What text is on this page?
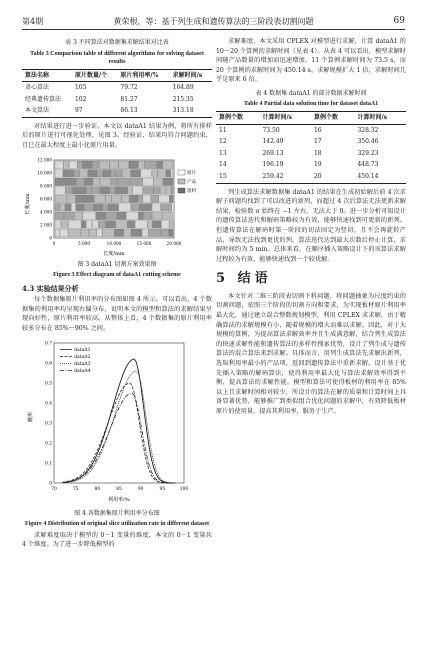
第4期	黄荣根，等：基于列生成和遗传算法的三阶段表切割问题	69
表 3 不同算法对数据集求解结果对比表
Table 3 Comparison table of different algorithms for solving dataset results
算法名称	原片数量/个	原片利用率/%	求解时间/s
贪心算法	105	79.72	164.89
经典遗传算法	102	81.27	215.35
本文算法	97	86.13	313.18

对结果进行进一步验证，本文以 dataA1 结果为例，将所有排样后的原片进行可视化处理，见图 3。经验证，结果均符合问题约束，且已在最大程度上最小化原片用量。

长度/mm
12 000
10 000
8 000
6 000
4 000
2 000
0
0	5 000	10 000	15 000	20 000
长度/mm
原片
产品
废料
图 3 dataA1 切割方案效果图
Figure 3 Effect diagram of dataA1 cutting scheme
4.3 实验结果分析

每个数据集原片利用率的分布图如图 4 所示。可以看出，4 个数据集的利用率均呈现右偏分布，说明本文的模型和算法的求解结果呈现向好性，原片利用率较高。从整体上看，4 个数据集的原片利用率较多分布在 85%～90% 之间。

概率
0.7
0.6
0.5
0.4
0.3
0.2
0.1
0
70	75	80	85	90	95	100
dataA1
dataA2
dataA3
dataA4
利用率/%
图 4 各数据集原片利用率分布图
Figure 4 Distribution of original slice utilization rate in different dataset

求解难度取决于模型的 0－1 变量的维度，本文的 0－1 变量共 4 个维度。为了进一步降低模型的

求解难度，本文采用 CPLEX 对模型进行求解，计算 dataA1 的 10～20 个算例的求解时间（见表 4）。从表 4 可以看出，模型求解时间随产品数量的增加而迅速增加。11 个算例求解时间为 73.5 s，而 20 个算例的求解时间为 450.14 s。求解规模扩大 1 倍，求解时间几乎是原来 6 倍。

表 4 数据集 dataA1 的部分数据求解时间
Table 4 Partial data solution time for dataset dataA1
算例个数	计算时间/s	算例个数	计算时间/s
11	73.50	16	328.32
12	142.49	17	350.46
13	269.13	18	329.23
14	196.19	19	448.73
15	259.42	20	450.14

列生成算法求解数据集 dataA1 的结果在生成初始解后前 4 次求解子问题均找到了可以改进的新列，而超过 4 次后算法无法更新求解结果，检验数 σ 始终在 −1 左右，无法大于 0。进一步分析可知设计的遗传算法迭代和解码策略较为有效，能够快速找到可更新的新列。但遗传算法在解码时第一阶段的切法固定为竖切，且不会再旋转产品，导致无法找到更优的列。算法迭代达到最大次数后停止计算，求解时间约为 5 min。总体来看，在顺序插入策略设计下的该算法求解过程较为有效，能够快速找到一个较优解。

5 结语

本文针对二维三阶段表切割下料问题，将问题抽象为尺度约束的切割问题，依照三个阶段的切割方向和要求，为实现板材原片利用率最大化，通过建立混合整数规划模型，利用 CPLEX 求求解，由于精确算法的求解规模有小，随着规模的增大而难以求解。因此，对于大规模的算例，为提高算法求解效率并且生成满意解，结合列生成算法的快速求解性能和遗传算法的多样性搜索优势，设计了列生成与遗传算法的混合算法来到求解。具体而言，用列生成算法先求解出新列，选取利用率最小的产品项，返回到遗传算法中重新求解。设计基于优先插入策略的解码算法，使得利用率最大化与算法求解效率得到平衡，提高算法的求解性能。模型和算法可使得板材的利用率在 85% 以上且求解时间相对较少，所设计的算法在解的质量和计算时间上具备显著优势，能够推广到类似组合优化问题的求解中，有效降低板材原片的使用量，提高其利用率，服务于生产。
